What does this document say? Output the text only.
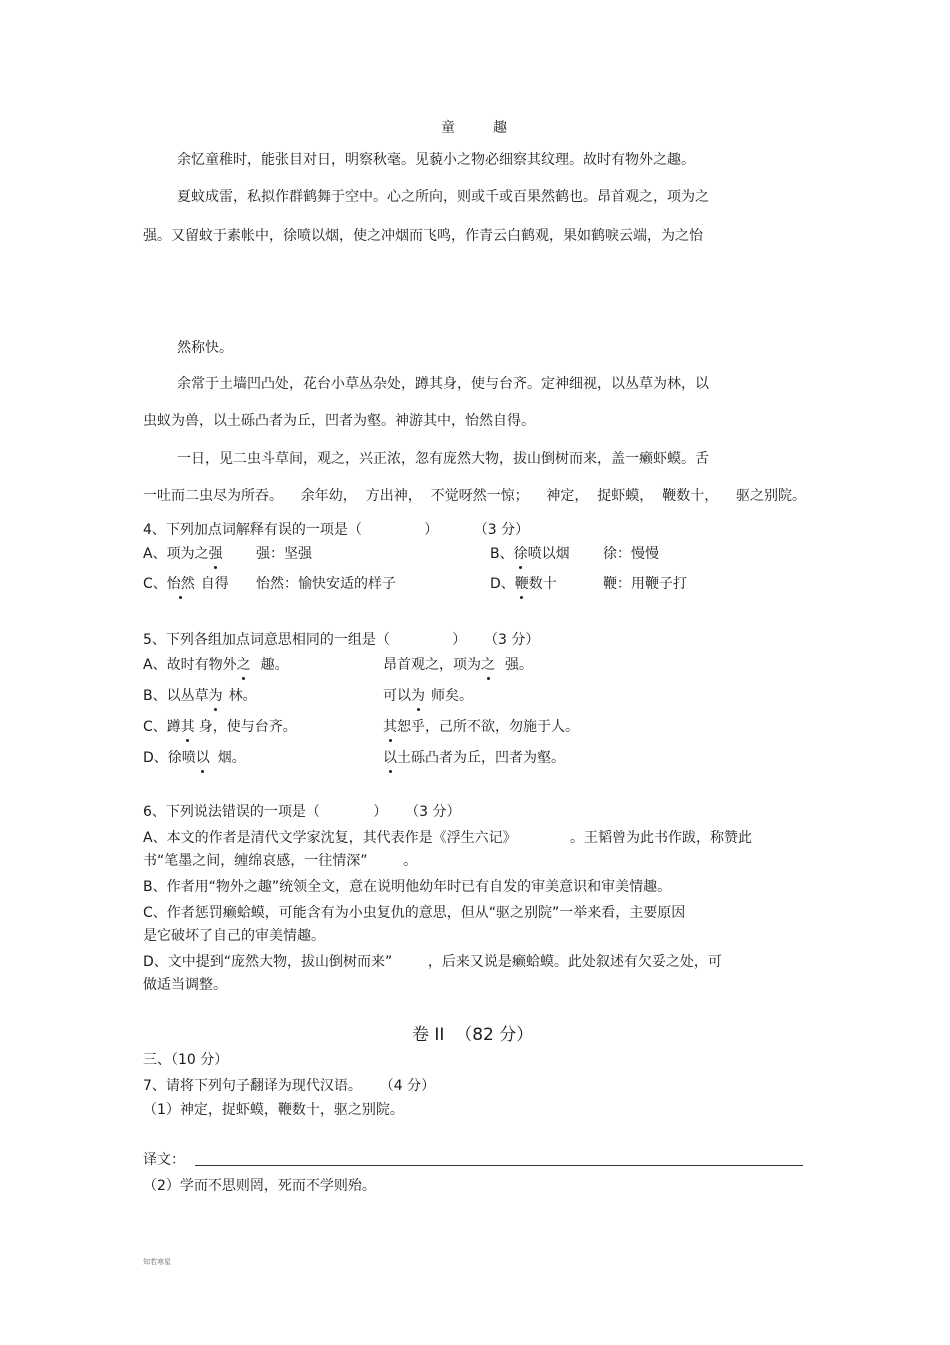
童	趣
余忆童稚时，能张目对日，明察秋毫。见藐小之物必细察其纹理。故时有物外之趣。
夏蚊成雷，私拟作群鹤舞于空中。心之所向，则或千或百果然鹤也。昂首观之，项为之
强。又留蚊于素帐中，徐喷以烟，使之冲烟而飞鸣，作青云白鹤观，果如鹤唳云端，为之怡
然称快。
余常于土墙凹凸处，花台小草丛杂处，蹲其身，使与台齐。定神细视，以丛草为林，以
虫蚁为兽，以土砾凸者为丘，凹者为壑。神游其中，怡然自得。
一日，见二虫斗草间，观之，兴正浓，忽有庞然大物，拔山倒树而来，盖一癞虾蟆。舌
一吐而二虫尽为所吞。    余年幼，  方出神，  不觉呀然一惊；    神定，  捉虾蟆，  鞭数十，    驱之别院。
4、下列加点词解释有误的一项是（              ）        （3 分）
A、项为之强 强：坚强	B、徐喷以烟 徐：慢慢
C、怡然 自得 怡然：愉快安适的样子	D、鞭数十	鞭：用鞭子打
5、下列各组加点词意思相同的一组是（              ）    （3 分）
A、故时有物外之 趣。	昂首观之，项为之 强。
B、以丛草为 林。	可以为 师矣。
C、蹲其 身，使与台齐。	其恕乎，己所不欲，勿施于人。
D、徐喷以 烟。	以土砾凸者为丘，凹者为壑。
6、下列说法错误的一项是（            ）    （3 分）
A、本文的作者是清代文学家沈复，其代表作是《浮生六记》            。王韬曾为此书作跋，称赞此
书“笔墨之间，缠绵哀感，一往情深”        。
B、作者用“物外之趣”统领全文，意在说明他幼年时已有自发的审美意识和审美情趣。
C、作者惩罚癞蛤蟆，可能含有为小虫复仇的意思，但从“驱之别院”一举来看，主要原因
是它破坏了自己的审美情趣。
D、文中提到“庞然大物，拔山倒树而来”        ，后来又说是癞蛤蟆。此处叙述有欠妥之处，可
做适当调整。
卷 II  （82 分）
三、（10 分）
7、请将下列句子翻译为现代汉语。    （4 分）
（1）神定，捉虾蟆，鞭数十，驱之别院。
译文：
（2）学而不思则罔，死而不学则殆。
知若寒星
